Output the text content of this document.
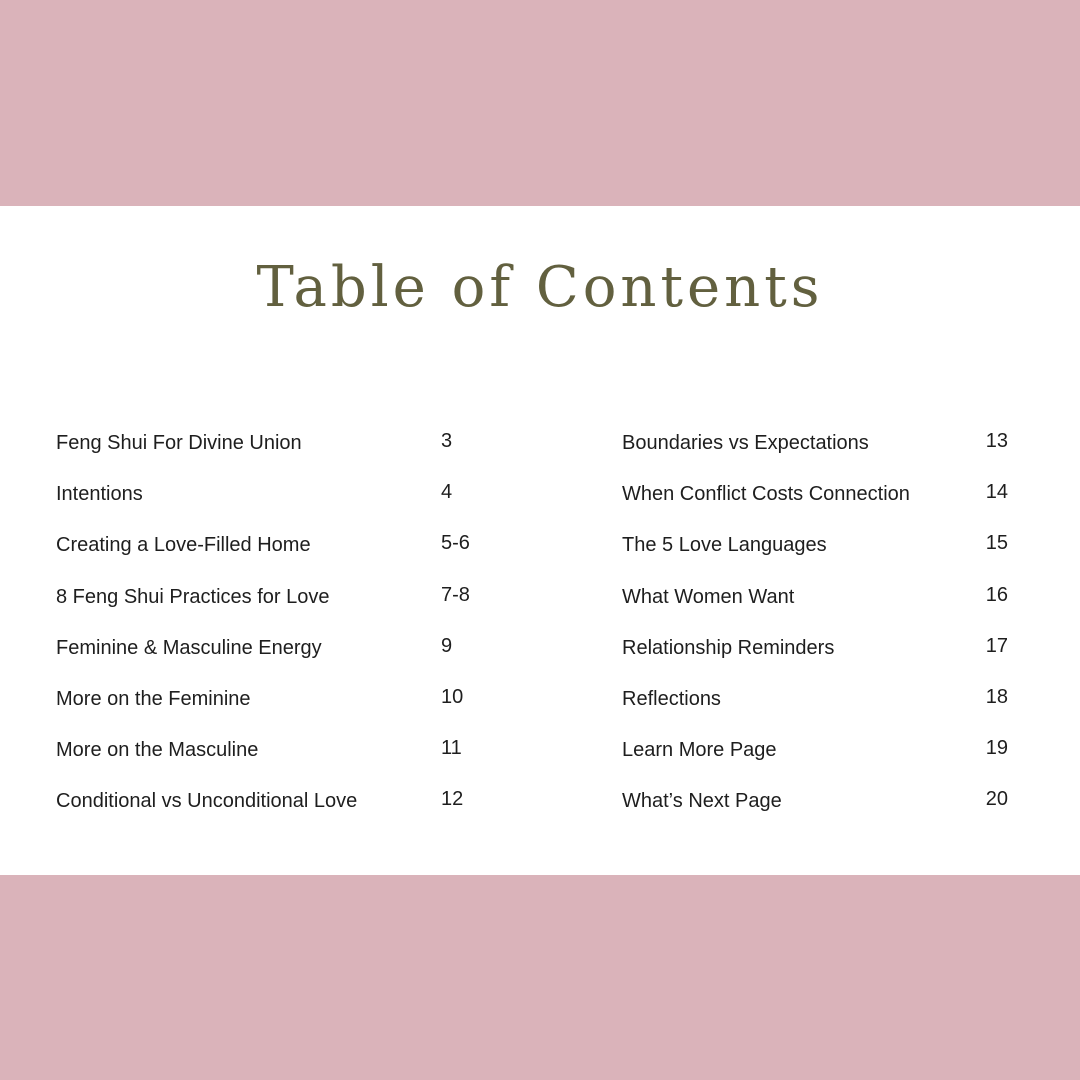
Table of Contents
Feng Shui For Divine Union	3
Intentions	4
Creating a Love-Filled Home	5-6
8 Feng Shui Practices for Love	7-8
Feminine & Masculine Energy	9
More on the Feminine	10
More on the Masculine	11
Conditional vs Unconditional Love	12
Boundaries vs Expectations	13
When Conflict Costs Connection	14
The 5 Love Languages	15
What Women Want	16
Relationship Reminders	17
Reflections	18
Learn More Page	19
What’s Next Page	20
